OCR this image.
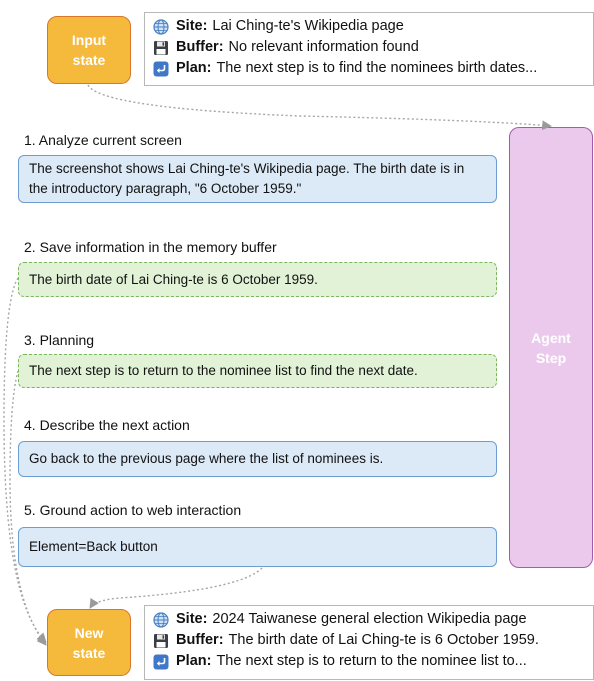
Input
state
Site: Lai Ching-te's Wikipedia page
Buffer: No relevant information found
Plan: The next step is to find the nominees birth dates...
1. Analyze current screen
The screenshot shows Lai Ching-te's Wikipedia page. The birth date is in the introductory paragraph, "6 October 1959."
2. Save information in the memory buffer
The birth date of Lai Ching-te is 6 October 1959.
3. Planning
The next step is to return to the nominee list to find the next date.
4. Describe the next action
Go back to the previous page where the list of nominees is.
5. Ground action to web interaction
Element=Back button
Agent
Step
New
state
Site: 2024 Taiwanese general election Wikipedia page
Buffer: The birth date of Lai Ching-te is 6 October 1959.
Plan: The next step is to return to the nominee list to...
